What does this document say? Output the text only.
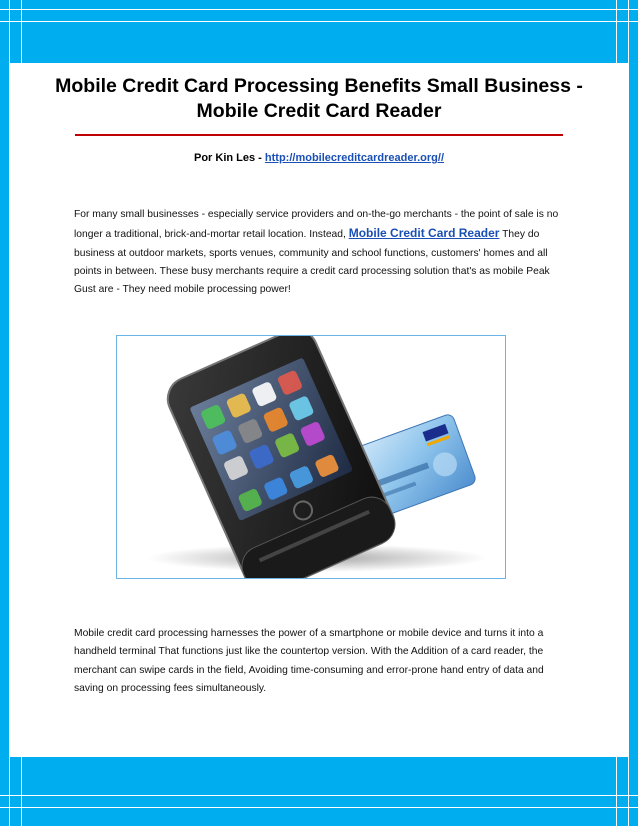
Mobile Credit Card Processing Benefits Small Business -
Mobile Credit Card Reader
Por Kin Les - http://mobilecreditcardreader.org//
For many small businesses - especially service providers and on-the-go merchants - the point of sale is no longer a traditional, brick-and-mortar retail location. Instead, Mobile Credit Card Reader They do business at outdoor markets, sports venues, community and school functions, customers' homes and all points in between. These busy merchants require a credit card processing solution that's as mobile Peak Gust are - They need mobile processing power!
Mobile credit card processing harnesses the power of a smartphone or mobile device and turns it into a handheld terminal That functions just like the countertop version. With the Addition of a card reader, the merchant can swipe cards in the field, Avoiding time-consuming and error-prone hand entry of data and saving on processing fees simultaneously.
